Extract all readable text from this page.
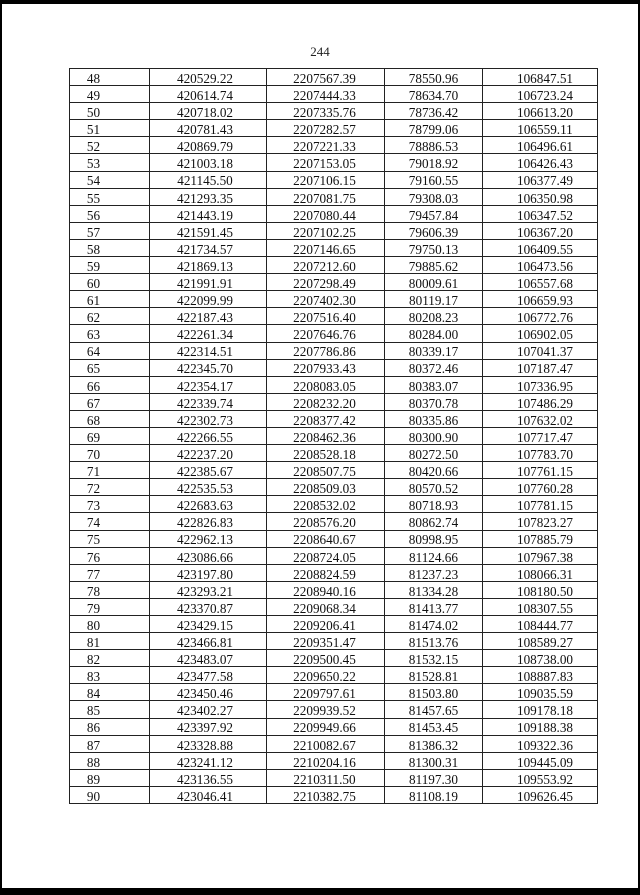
244
48	420529.22	2207567.39	78550.96	106847.51
49	420614.74	2207444.33	78634.70	106723.24
50	420718.02	2207335.76	78736.42	106613.20
51	420781.43	2207282.57	78799.06	106559.11
52	420869.79	2207221.33	78886.53	106496.61
53	421003.18	2207153.05	79018.92	106426.43
54	421145.50	2207106.15	79160.55	106377.49
55	421293.35	2207081.75	79308.03	106350.98
56	421443.19	2207080.44	79457.84	106347.52
57	421591.45	2207102.25	79606.39	106367.20
58	421734.57	2207146.65	79750.13	106409.55
59	421869.13	2207212.60	79885.62	106473.56
60	421991.91	2207298.49	80009.61	106557.68
61	422099.99	2207402.30	80119.17	106659.93
62	422187.43	2207516.40	80208.23	106772.76
63	422261.34	2207646.76	80284.00	106902.05
64	422314.51	2207786.86	80339.17	107041.37
65	422345.70	2207933.43	80372.46	107187.47
66	422354.17	2208083.05	80383.07	107336.95
67	422339.74	2208232.20	80370.78	107486.29
68	422302.73	2208377.42	80335.86	107632.02
69	422266.55	2208462.36	80300.90	107717.47
70	422237.20	2208528.18	80272.50	107783.70
71	422385.67	2208507.75	80420.66	107761.15
72	422535.53	2208509.03	80570.52	107760.28
73	422683.63	2208532.02	80718.93	107781.15
74	422826.83	2208576.20	80862.74	107823.27
75	422962.13	2208640.67	80998.95	107885.79
76	423086.66	2208724.05	81124.66	107967.38
77	423197.80	2208824.59	81237.23	108066.31
78	423293.21	2208940.16	81334.28	108180.50
79	423370.87	2209068.34	81413.77	108307.55
80	423429.15	2209206.41	81474.02	108444.77
81	423466.81	2209351.47	81513.76	108589.27
82	423483.07	2209500.45	81532.15	108738.00
83	423477.58	2209650.22	81528.81	108887.83
84	423450.46	2209797.61	81503.80	109035.59
85	423402.27	2209939.52	81457.65	109178.18
86	423397.92	2209949.66	81453.45	109188.38
87	423328.88	2210082.67	81386.32	109322.36
88	423241.12	2210204.16	81300.31	109445.09
89	423136.55	2210311.50	81197.30	109553.92
90	423046.41	2210382.75	81108.19	109626.45
